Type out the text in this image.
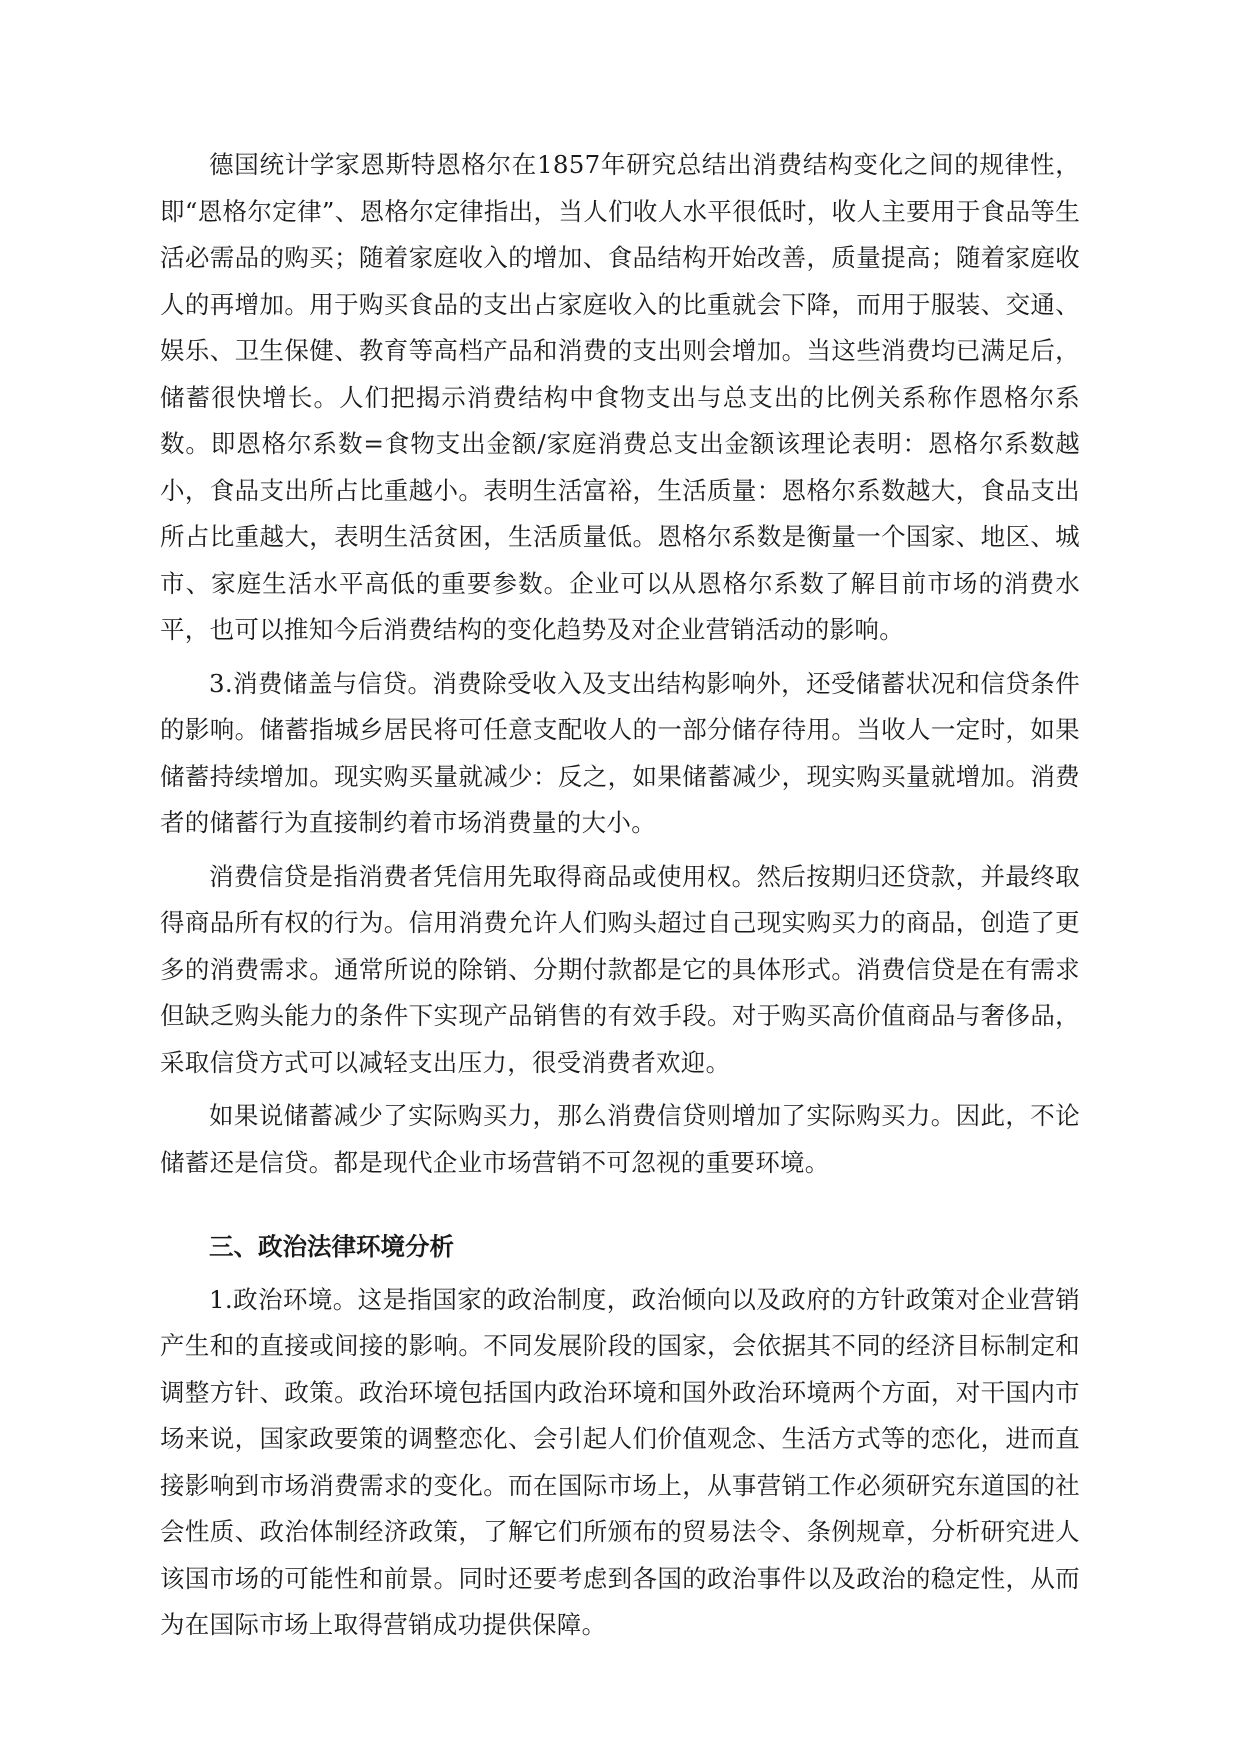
德国统计学家恩斯特恩格尔在1857年研究总结出消费结构变化之间的规律性，即“恩格尔定律”、恩格尔定律指出，当人们收人水平很低时，收人主要用于食品等生活必需品的购买；随着家庭收入的增加、食品结构开始改善，质量提高；随着家庭收人的再增加。用于购买食品的支出占家庭收入的比重就会下降，而用于服装、交通、娱乐、卫生保健、教育等高档产品和消费的支出则会增加。当这些消费均已满足后，储蓄很快增长。人们把揭示消费结构中食物支出与总支出的比例关系称作恩格尔系数。即恩格尔系数=食物支出金额/家庭消费总支出金额该理论表明：恩格尔系数越小，食品支出所占比重越小。表明生活富裕，生活质量：恩格尔系数越大，食品支出所占比重越大，表明生活贫困，生活质量低。恩格尔系数是衡量一个国家、地区、城市、家庭生活水平高低的重要参数。企业可以从恩格尔系数了解目前市场的消费水平，也可以推知今后消费结构的变化趋势及对企业营销活动的影响。

3.消费储盖与信贷。消费除受收入及支出结构影响外，还受储蓄状况和信贷条件的影响。储蓄指城乡居民将可任意支配收人的一部分储存待用。当收人一定时，如果储蓄持续增加。现实购买量就减少：反之，如果储蓄减少，现实购买量就增加。消费者的储蓄行为直接制约着市场消费量的大小。

消费信贷是指消费者凭信用先取得商品或使用权。然后按期归还贷款，并最终取得商品所有权的行为。信用消费允许人们购头超过自己现实购买力的商品，创造了更多的消费需求。通常所说的除销、分期付款都是它的具体形式。消费信贷是在有需求但缺乏购头能力的条件下实现产品销售的有效手段。对于购买高价值商品与奢侈品，采取信贷方式可以减轻支出压力，很受消费者欢迎。

如果说储蓄减少了实际购买力，那么消费信贷则增加了实际购买力。因此，不论储蓄还是信贷。都是现代企业市场营销不可忽视的重要环境。

三、政治法律环境分析

1.政治环境。这是指国家的政治制度，政治倾向以及政府的方针政策对企业营销产生和的直接或间接的影响。不同发展阶段的国家，会依据其不同的经济目标制定和调整方针、政策。政治环境包括国内政治环境和国外政治环境两个方面，对干国内市场来说，国家政要策的调整恋化、会引起人们价值观念、生活方式等的恋化，进而直接影响到市场消费需求的变化。而在国际市场上，从事营销工作必须研究东道国的社会性质、政治体制经济政策，了解它们所颁布的贸易法令、条例规章，分析研究进人该国市场的可能性和前景。同时还要考虑到各国的政治事件以及政治的稳定性，从而为在国际市场上取得营销成功提供保障。
